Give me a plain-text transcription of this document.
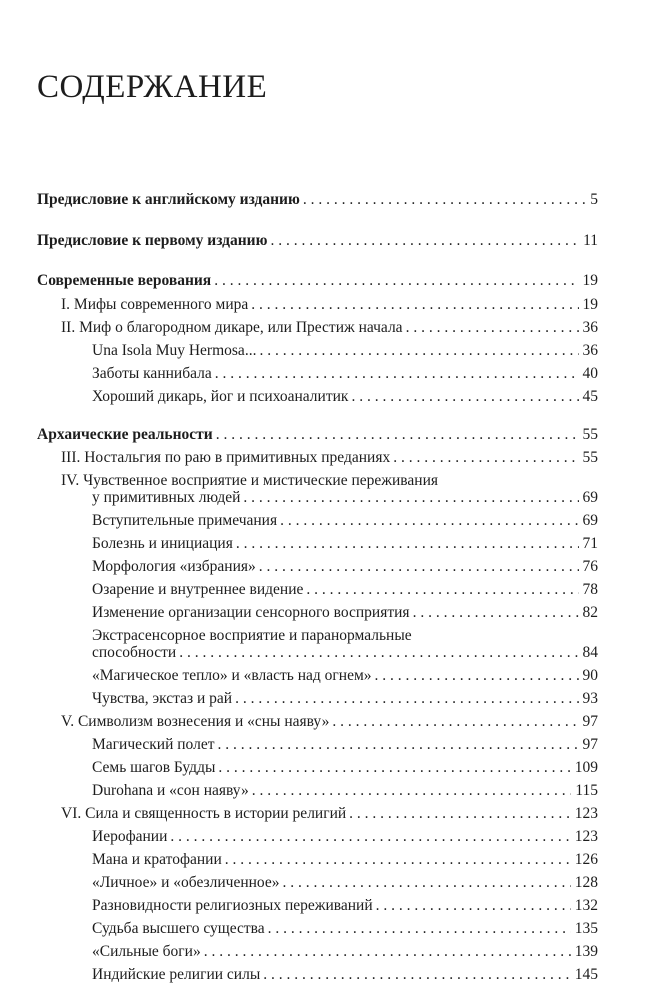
СОДЕРЖАНИЕ
Предисловие к английскому изданию . . .	5
Предисловие к первому изданию . . .	11
Современные верования . . .	19
I. Мифы современного мира . . .	19
II. Миф о благородном дикаре, или Престиж начала . . .	36
Una Isola Muy Hermosa... . . .	36
Заботы каннибала . . .	40
Хороший дикарь, йог и психоаналитик . . .	45
Архаические реальности . . .	55
III. Ностальгия по раю в примитивных преданиях . . .	55
IV. Чувственное восприятие и мистические переживания
у примитивных людей . . .	69
Вступительные примечания . . .	69
Болезнь и инициация . . .	71
Морфология «избрания» . . .	76
Озарение и внутреннее видение . . .	78
Изменение организации сенсорного восприятия . . .	82
Экстрасенсорное восприятие и паранормальные
способности . . .	84
«Магическое тепло» и «власть над огнем» . . .	90
Чувства, экстаз и рай . . .	93
V. Символизм вознесения и «сны наяву» . . .	97
Магический полет . . .	97
Семь шагов Будды . . .	109
Durohana и «сон наяву» . . .	115
VI. Сила и священность в истории религий . . .	123
Иерофании . . .	123
Мана и кратофании . . .	126
«Личное» и «обезличенное» . . .	128
Разновидности религиозных переживаний . . .	132
Судьба высшего существа . . .	135
«Сильные боги» . . .	139
Индийские религии силы . . .	145
